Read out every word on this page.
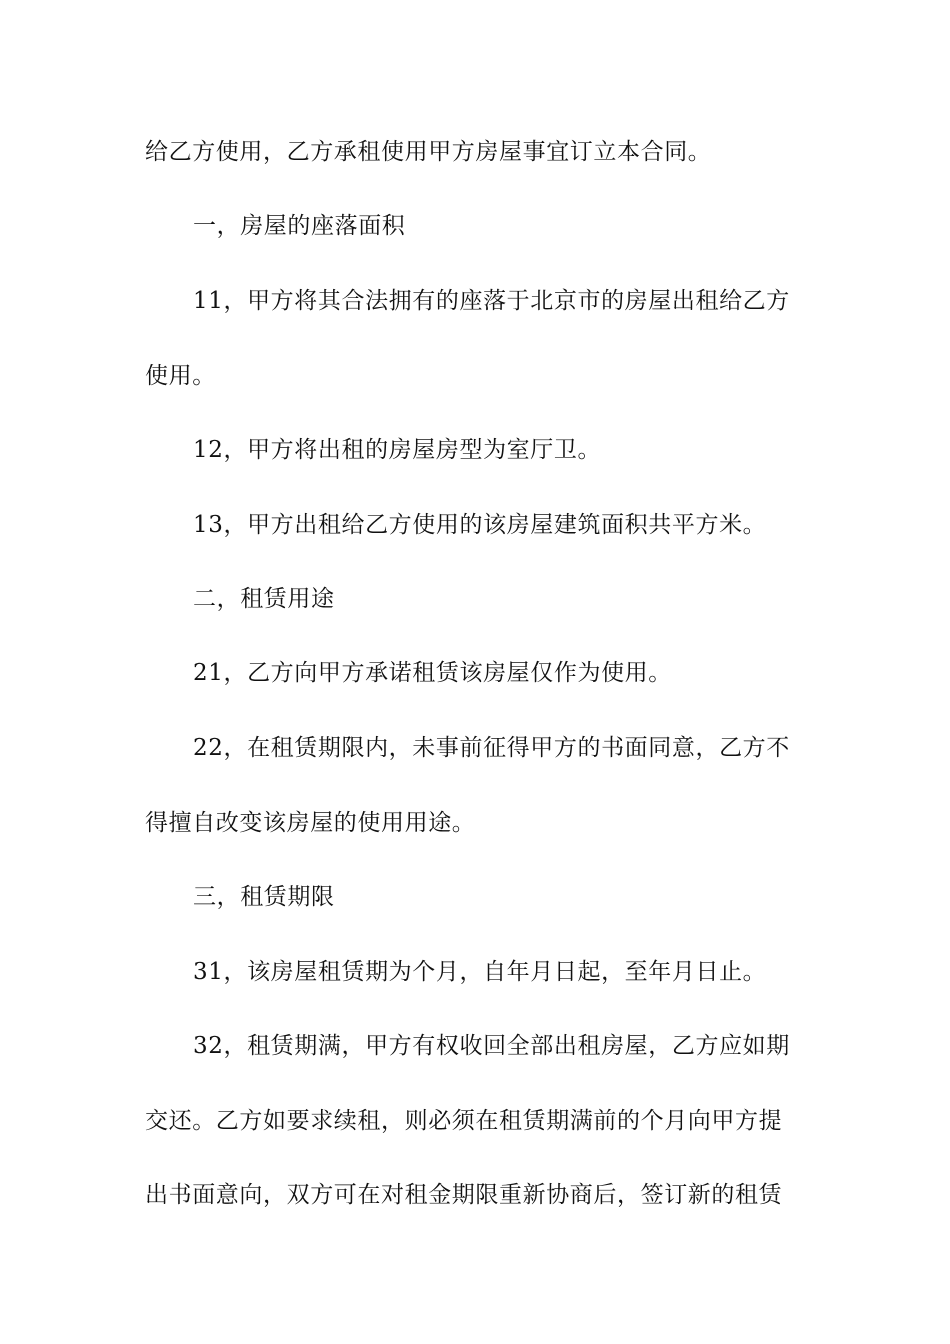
给乙方使用，乙方承租使用甲方房屋事宜订立本合同。
一，房屋的座落面积
11，甲方将其合法拥有的座落于北京市的房屋出租给乙方
使用。
12，甲方将出租的房屋房型为室厅卫。
13，甲方出租给乙方使用的该房屋建筑面积共平方米。
二，租赁用途
21，乙方向甲方承诺租赁该房屋仅作为使用。
22，在租赁期限内，未事前征得甲方的书面同意，乙方不
得擅自改变该房屋的使用用途。
三，租赁期限
31，该房屋租赁期为个月，自年月日起，至年月日止。
32，租赁期满，甲方有权收回全部出租房屋，乙方应如期
交还。乙方如要求续租，则必须在租赁期满前的个月向甲方提
出书面意向，双方可在对租金期限重新协商后，签订新的租赁
